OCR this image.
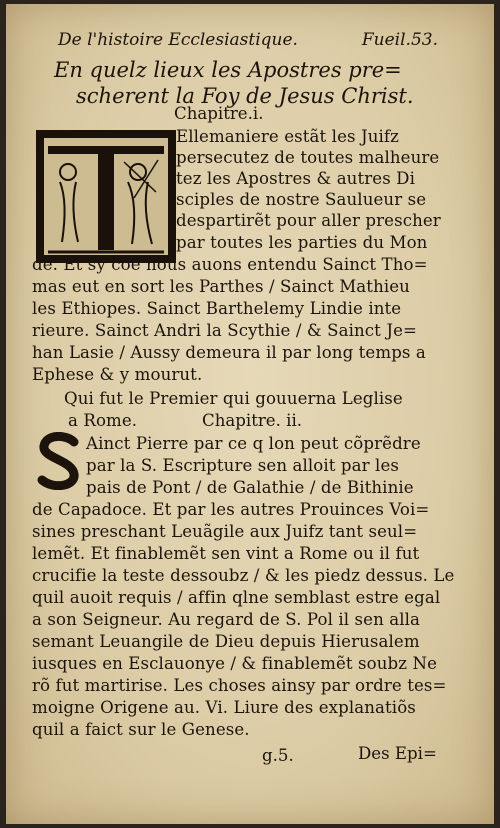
De l'histoire Ecclesiastique.	Fueil.53.
En quelz lieux les Apostres pre=
scherent la Foy de Jesus Christ.
Chapitre.i.
Ellemaniere estãt les Juifz
persecutez de toutes malheure
tez les Apostres & autres Di
sciples de nostre Saulueur se
despartirẽt pour aller prescher
par toutes les parties du Mon
de. Et sy cõe nous auons entendu Sainct Tho=
mas eut en sort les Parthes / Sainct Mathieu
les Ethiopes. Sainct Barthelemy Lindie inte
rieure. Sainct Andri la Scythie / & Sainct Je=
han Lasie / Aussy demeura il par long temps a
Ephese & y mourut.
Qui fut le Premier qui gouuerna Leglise
a Rome.	Chapitre. ii.
Ainct Pierre par ce q lon peut cõprẽdre
par la S. Escripture sen alloit par les
pais de Pont / de Galathie / de Bithinie
de Capadoce. Et par les autres Prouinces Voi=
sines preschant Leuãgile aux Juifz tant seul=
lemẽt. Et finablemẽt sen vint a Rome ou il fut
crucifie la teste dessoubz / & les piedz dessus. Le
quil auoit requis / affin qlne semblast estre egal
a son Seigneur. Au regard de S. Pol il sen alla
semant Leuangile de Dieu depuis Hierusalem
iusques en Esclauonye / & finablemẽt soubz Ne
rõ fut martirise. Les choses ainsy par ordre tes=
moigne Origene au. Vi. Liure des explanatiõs
quil a faict sur le Genese.
g.5.	Des Epi=
